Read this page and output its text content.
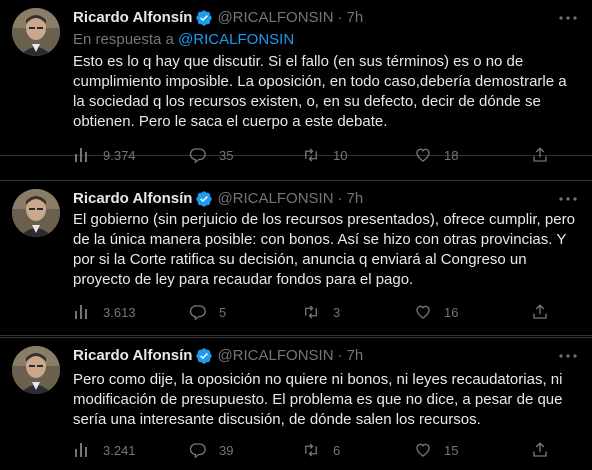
Ricardo Alfonsín @RICALFONSIN · 7h
En respuesta a @RICALFONSIN
Esto es lo q hay que discutir. Si el fallo (en sus términos) es o no de
cumplimiento imposible. La oposición, en todo caso,debería demostrarle a
la sociedad q los recursos existen, o, en su defecto, decir de dónde se
obtienen. Pero le saca el cuerpo a este debate.
9.374	35	10	18
Ricardo Alfonsín @RICALFONSIN · 7h
El gobierno (sin perjuicio de los recursos presentados), ofrece cumplir, pero
de la única manera posible: con bonos. Así se hizo con otras provincias. Y
por si la Corte ratifica su decisión, anuncia q enviará al Congreso un
proyecto de ley para recaudar fondos para el pago.
3.613	5	3	16
Ricardo Alfonsín @RICALFONSIN · 7h
Pero como dije, la oposición no quiere ni bonos, ni leyes recaudatorias, ni
modificación de presupuesto. El problema es que no dice, a pesar de que
sería una interesante discusión, de dónde salen los recursos.
3.241	39	6	15
